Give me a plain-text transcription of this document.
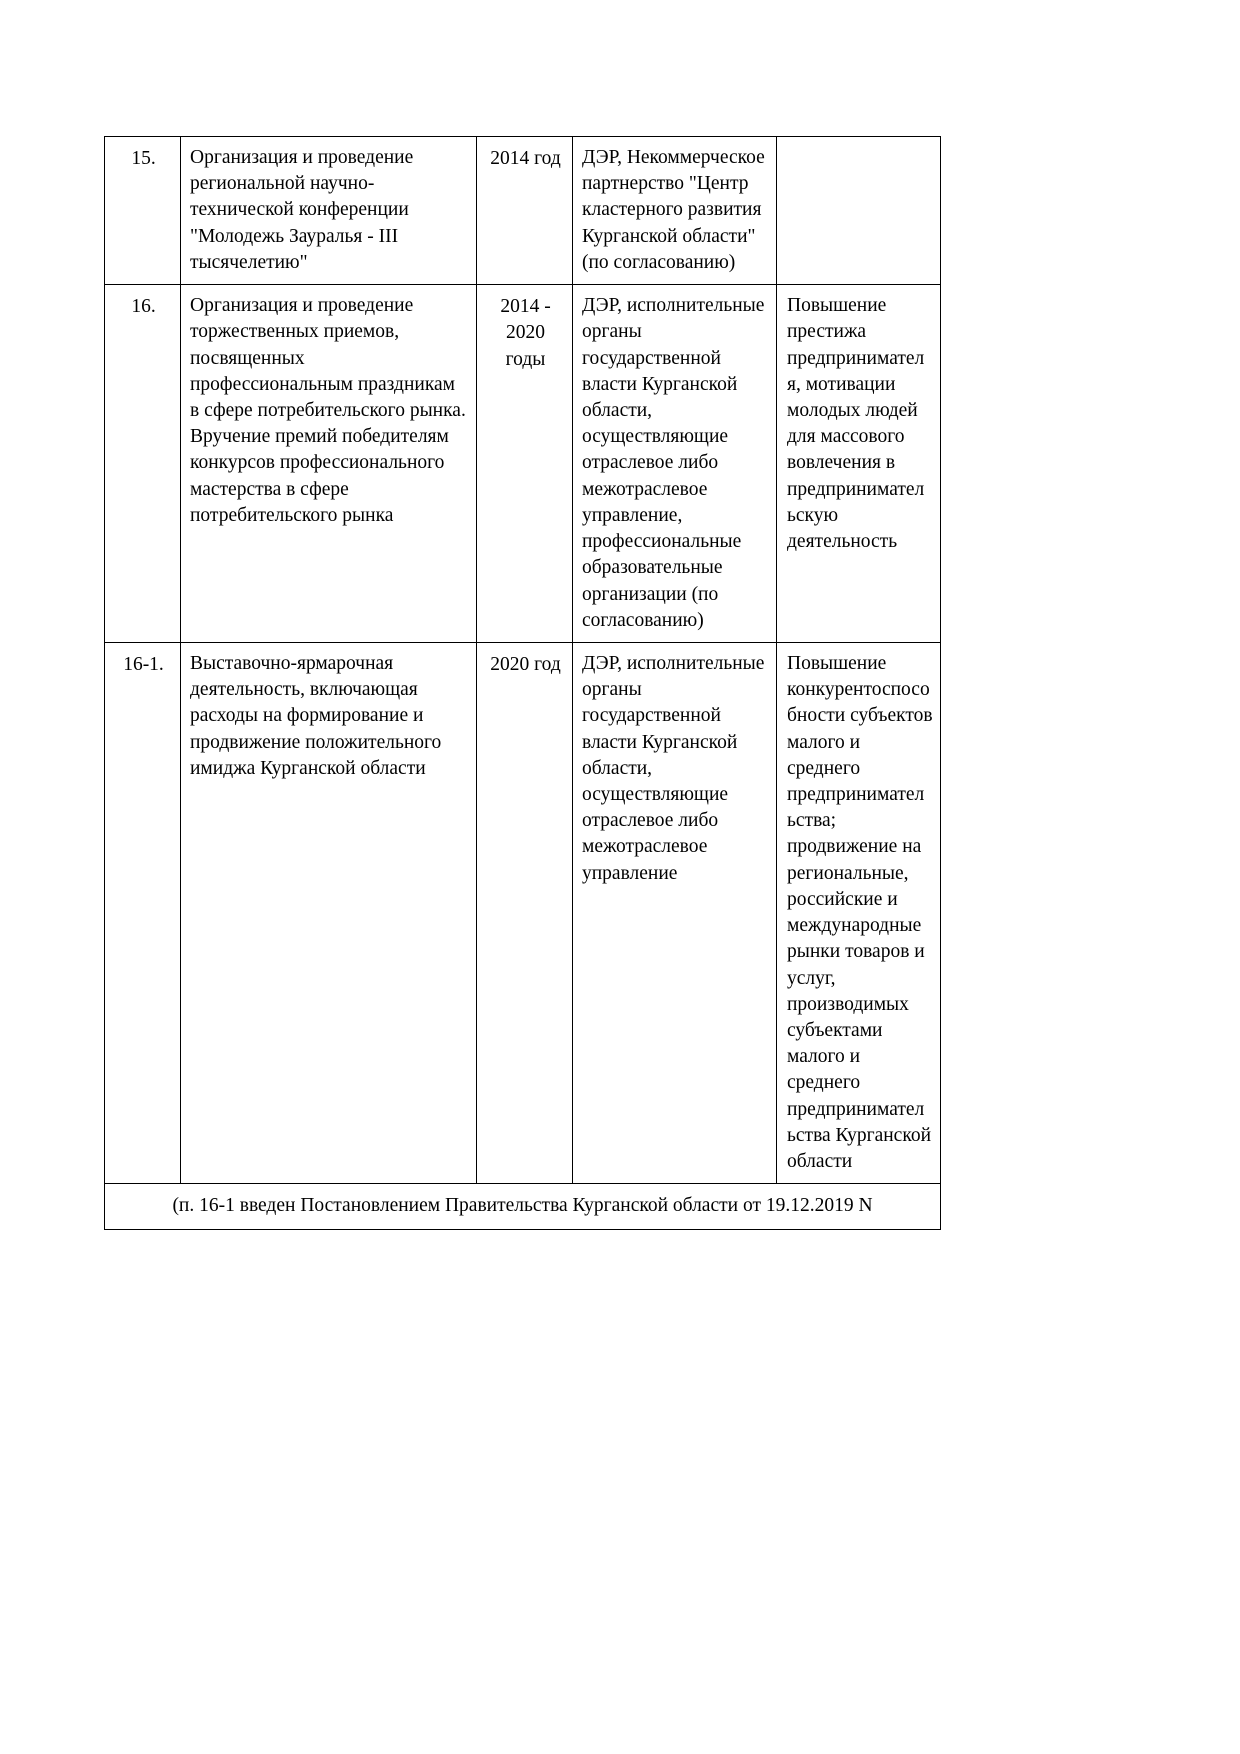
15.	Организация и проведение региональной научно-технической конференции "Молодежь Зауралья - III тысячелетию"	2014 год	ДЭР, Некоммерческое партнерство "Центр кластерного развития Курганской области" (по согласованию)	
16.	Организация и проведение торжественных приемов, посвященных профессиональным праздникам в сфере потребительского рынка. Вручение премий победителям конкурсов профессионального мастерства в сфере потребительского рынка	2014 - 2020 годы	ДЭР, исполнительные органы государственной власти Курганской области, осуществляющие отраслевое либо межотраслевое управление, профессиональные образовательные организации (по согласованию)	Повышение престижа предпринимателя, мотивации молодых людей для массового вовлечения в предпринимательскую деятельность
16-1.	Выставочно-ярмарочная деятельность, включающая расходы на формирование и продвижение положительного имиджа Курганской области	2020 год	ДЭР, исполнительные органы государственной власти Курганской области, осуществляющие отраслевое либо межотраслевое управление	Повышение конкурентоспособности субъектов малого и среднего предпринимательства; продвижение на региональные, российские и международные рынки товаров и услуг, производимых субъектами малого и среднего предпринимательства Курганской области
(п. 16-1 введен Постановлением Правительства Курганской области от 19.12.2019 N				
